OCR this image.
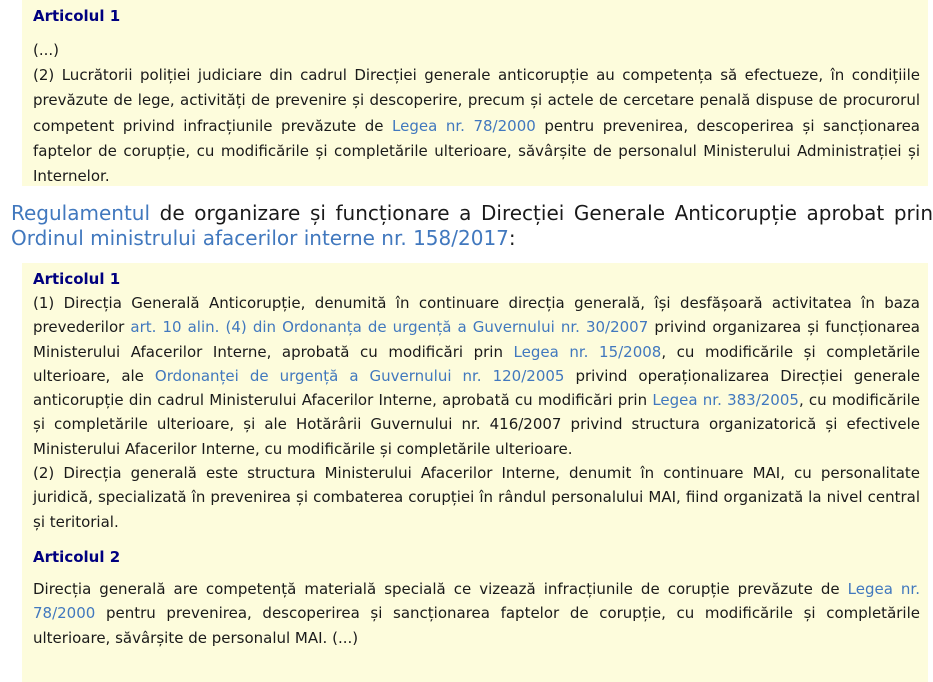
Articolul 1

(...)

(2) Lucrătorii poliției judiciare din cadrul Direcției generale anticorupție au competența să efectueze, în condițiile prevăzute de lege, activități de prevenire și descoperire, precum și actele de cercetare penală dispuse de procurorul competent privind infracțiunile prevăzute de Legea nr. 78/2000 pentru prevenirea, descoperirea și sancționarea faptelor de corupție, cu modificările și completările ulterioare, săvârșite de personalul Ministerului Administrației și Internelor.

Regulamentul de organizare și funcționare a Direcției Generale Anticorupție aprobat prin Ordinul ministrului afacerilor interne nr. 158/2017:

Articolul 1

(1) Direcția Generală Anticorupție, denumită în continuare direcția generală, își desfășoară activitatea în baza prevederilor art. 10 alin. (4) din Ordonanța de urgență a Guvernului nr. 30/2007 privind organizarea și funcționarea Ministerului Afacerilor Interne, aprobată cu modificări prin Legea nr. 15/2008, cu modificările și completările ulterioare, ale Ordonanței de urgență a Guvernului nr. 120/2005 privind operaționalizarea Direcției generale anticorupție din cadrul Ministerului Afacerilor Interne, aprobată cu modificări prin Legea nr. 383/2005, cu modificările și completările ulterioare, și ale Hotărârii Guvernului nr. 416/2007 privind structura organizatorică și efectivele Ministerului Afacerilor Interne, cu modificările și completările ulterioare.

(2) Direcția generală este structura Ministerului Afacerilor Interne, denumit în continuare MAI, cu personalitate juridică, specializată în prevenirea și combaterea corupției în rândul personalului MAI, fiind organizată la nivel central și teritorial.

Articolul 2

Direcția generală are competență materială specială ce vizează infracțiunile de corupție prevăzute de Legea nr. 78/2000 pentru prevenirea, descoperirea și sancționarea faptelor de corupție, cu modificările și completările ulterioare, săvârșite de personalul MAI. (...)
